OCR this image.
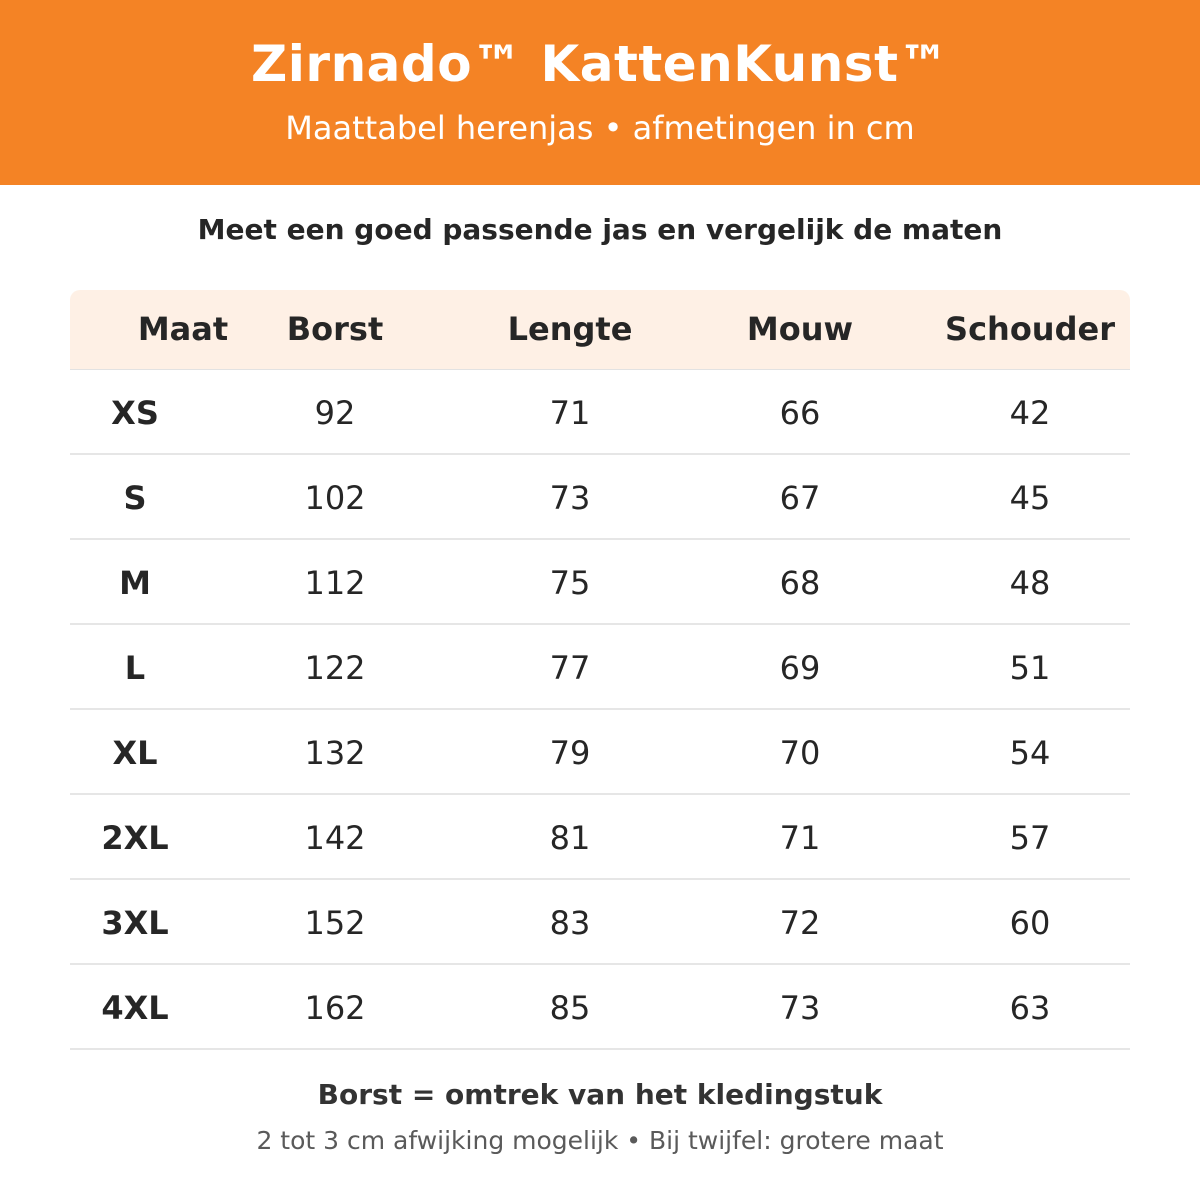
Zirnado™ KattenKunst™
Maattabel herenjas • afmetingen in cm
Meet een goed passende jas en vergelijk de maten
Maat	Borst	Lengte	Mouw	Schouder
XS	92	71	66	42
S	102	73	67	45
M	112	75	68	48
L	122	77	69	51
XL	132	79	70	54
2XL	142	81	71	57
3XL	152	83	72	60
4XL	162	85	73	63
Borst = omtrek van het kledingstuk
2 tot 3 cm afwijking mogelijk • Bij twijfel: grotere maat
